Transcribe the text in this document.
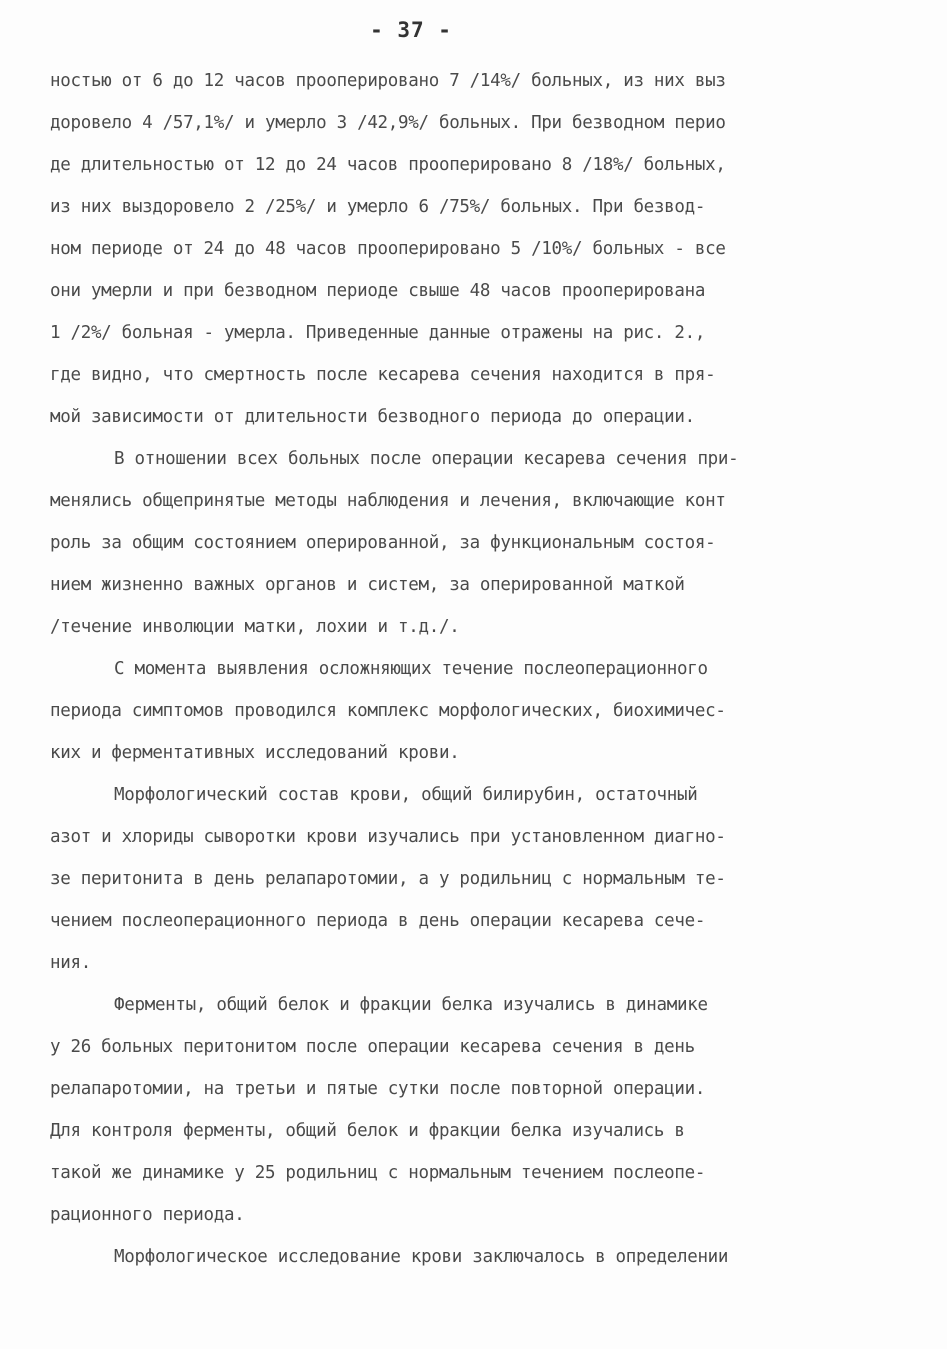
- 37 -
ностью от 6 до 12 часов прооперировано 7 /14%/ больных, из них выз
доровело 4 /57,1%/ и умерло 3 /42,9%/ больных. При безводном перио
де длительностью от 12 до 24 часов прооперировано 8 /18%/ больных,
из них выздоровело 2 /25%/ и умерло 6 /75%/ больных. При безвод-
ном периоде от 24 до 48 часов прооперировано 5 /10%/ больных - все
они умерли и при безводном периоде свыше 48 часов прооперирована
1 /2%/ больная - умерла. Приведенные данные отражены на рис. 2.,
где видно, что смертность после кесарева сечения находится в пря-
мой зависимости от длительности безводного периода до операции.
В отношении всех больных после операции кесарева сечения при-
менялись общепринятые методы наблюдения и лечения, включающие конт
роль за общим состоянием оперированной, за функциональным состоя-
нием жизненно важных органов и систем, за оперированной маткой
/течение инволюции матки, лохии и т.д./.
С момента выявления осложняющих течение послеоперационного
периода симптомов проводился комплекс морфологических, биохимичес-
ких и ферментативных исследований крови.
Морфологический состав крови, общий билирубин, остаточный
азот и хлориды сыворотки крови изучались при установленном диагно-
зе перитонита в день релапаротомии, а у родильниц с нормальным те-
чением послеоперационного периода в день операции кесарева сече-
ния.
Ферменты, общий белок и фракции белка изучались в динамике
у 26 больных перитонитом после операции кесарева сечения в день
релапаротомии, на третьи и пятые сутки после повторной операции.
Для контроля ферменты, общий белок и фракции белка изучались в
такой же динамике у 25 родильниц с нормальным течением послеопе-
рационного периода.
Морфологическое исследование крови заключалось в определении
